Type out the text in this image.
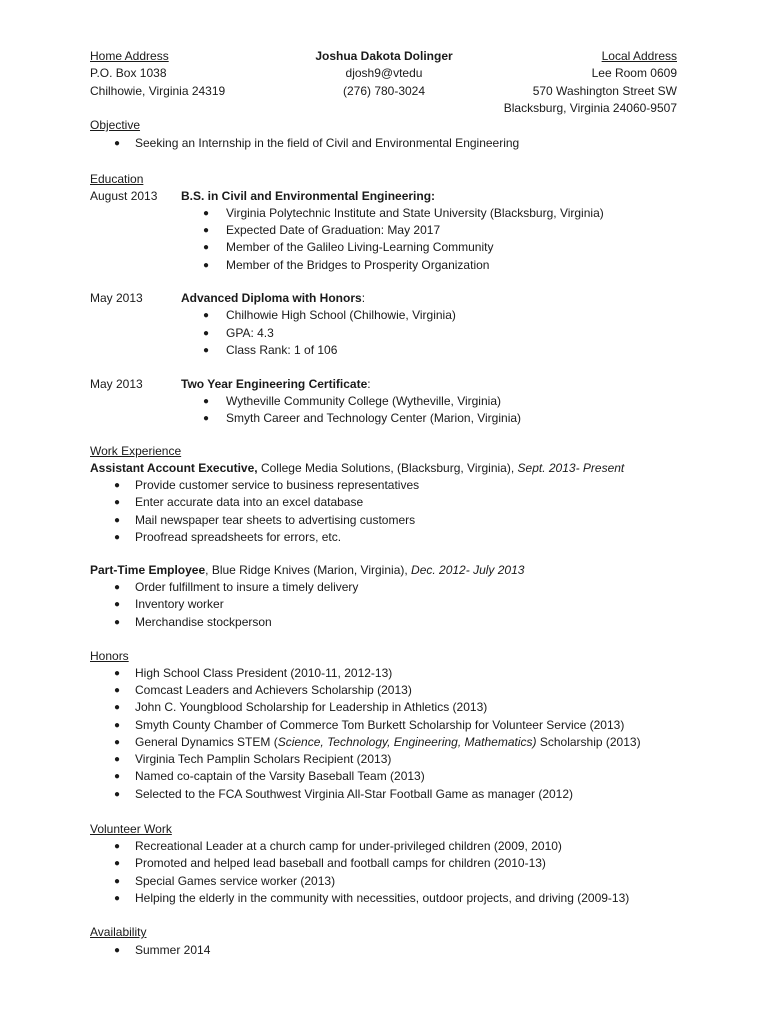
Home Address
P.O. Box 1038
Chilhowie, Virginia 24319
Joshua Dakota Dolinger
djosh9@vtedu
(276) 780-3024
Local Address
Lee Room 0609
570 Washington Street SW
Blacksburg, Virginia 24060-9507
Objective
● Seeking an Internship in the field of Civil and Environmental Engineering
Education
August 2013 B.S. in Civil and Environmental Engineering:
● Virginia Polytechnic Institute and State University (Blacksburg, Virginia)
● Expected Date of Graduation: May 2017
● Member of the Galileo Living-Learning Community
● Member of the Bridges to Prosperity Organization
May 2013	Advanced Diploma with Honors:
● Chilhowie High School (Chilhowie, Virginia)
● GPA: 4.3
● Class Rank: 1 of 106
May 2013	Two Year Engineering Certificate:
● Wytheville Community College (Wytheville, Virginia)
● Smyth Career and Technology Center (Marion, Virginia)
Work Experience
Assistant Account Executive, College Media Solutions, (Blacksburg, Virginia), Sept. 2013- Present
● Provide customer service to business representatives
● Enter accurate data into an excel database
● Mail newspaper tear sheets to advertising customers
● Proofread spreadsheets for errors, etc.
Part-Time Employee, Blue Ridge Knives (Marion, Virginia), Dec. 2012- July 2013
● Order fulfillment to insure a timely delivery
● Inventory worker
● Merchandise stockperson
Honors
● High School Class President (2010-11, 2012-13)
● Comcast Leaders and Achievers Scholarship (2013)
● John C. Youngblood Scholarship for Leadership in Athletics (2013)
● Smyth County Chamber of Commerce Tom Burkett Scholarship for Volunteer Service (2013)
● General Dynamics STEM (Science, Technology, Engineering, Mathematics) Scholarship (2013)
● Virginia Tech Pamplin Scholars Recipient (2013)
● Named co-captain of the Varsity Baseball Team (2013)
● Selected to the FCA Southwest Virginia All-Star Football Game as manager (2012)
Volunteer Work
● Recreational Leader at a church camp for under-privileged children (2009, 2010)
● Promoted and helped lead baseball and football camps for children (2010-13)
● Special Games service worker (2013)
● Helping the elderly in the community with necessities, outdoor projects, and driving (2009-13)
Availability
● Summer 2014
